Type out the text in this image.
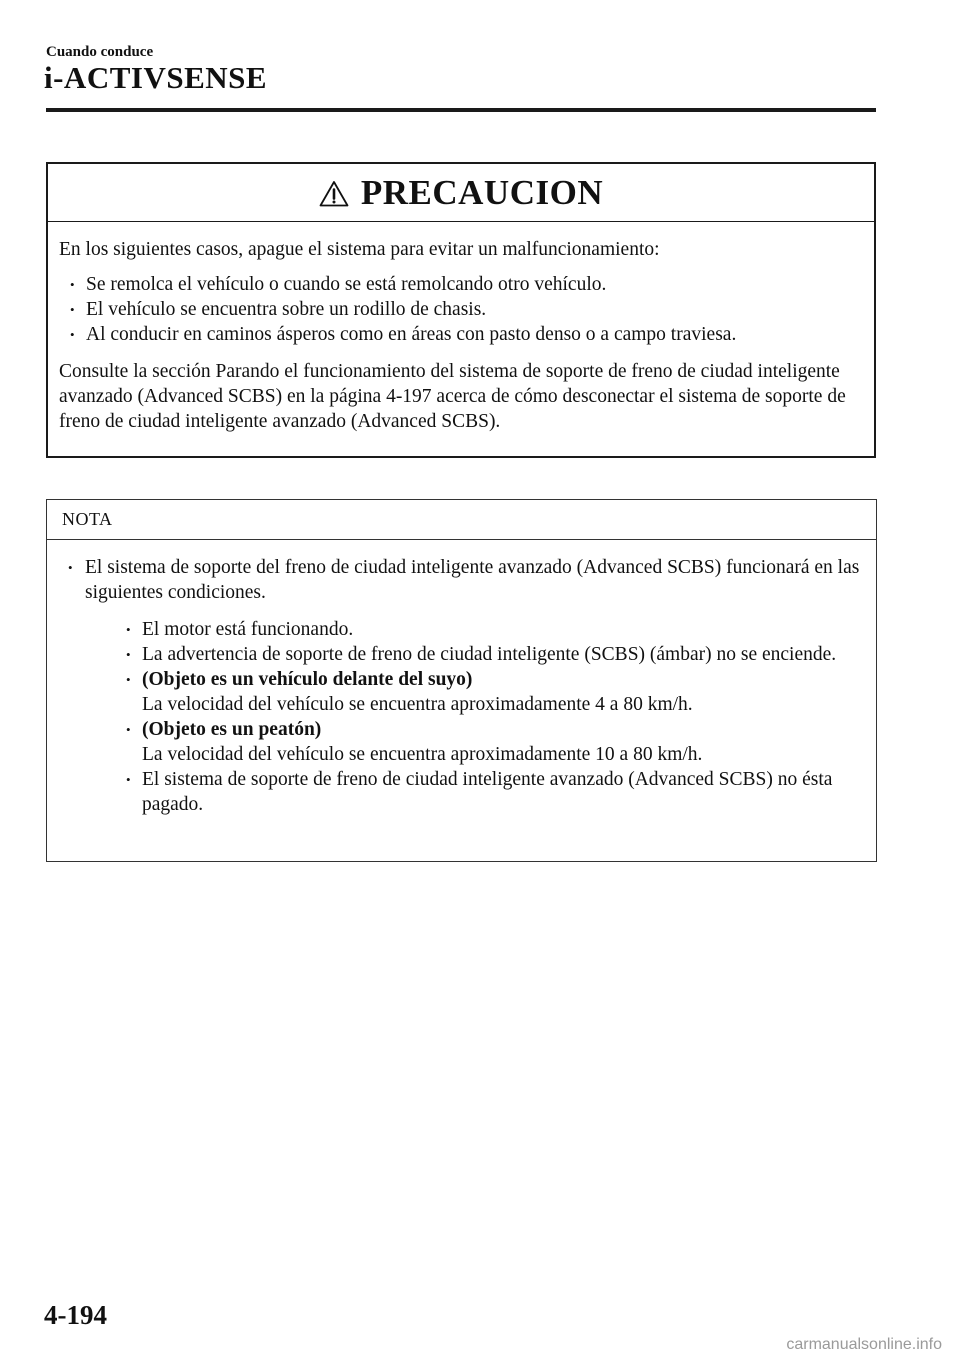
Cuando conduce
i-ACTIVSENSE
PRECAUCION

En los siguientes casos, apague el sistema para evitar un malfuncionamiento:

• Se remolca el vehículo o cuando se está remolcando otro vehículo.
• El vehículo se encuentra sobre un rodillo de chasis.
• Al conducir en caminos ásperos como en áreas con pasto denso o a campo traviesa.

Consulte la sección Parando el funcionamiento del sistema de soporte de freno de ciudad inteligente avanzado (Advanced SCBS) en la página 4-197 acerca de cómo desconectar el sistema de soporte de freno de ciudad inteligente avanzado (Advanced SCBS).

NOTA
• El sistema de soporte del freno de ciudad inteligente avanzado (Advanced SCBS) funcionará en las siguientes condiciones.
• El motor está funcionando.
• La advertencia de soporte de freno de ciudad inteligente (SCBS) (ámbar) no se enciende.
• (Objeto es un vehículo delante del suyo)
La velocidad del vehículo se encuentra aproximadamente 4 a 80 km/h.
• (Objeto es un peatón)
La velocidad del vehículo se encuentra aproximadamente 10 a 80 km/h.
• El sistema de soporte de freno de ciudad inteligente avanzado (Advanced SCBS) no ésta pagado.
4-194
carmanualsonline.info
